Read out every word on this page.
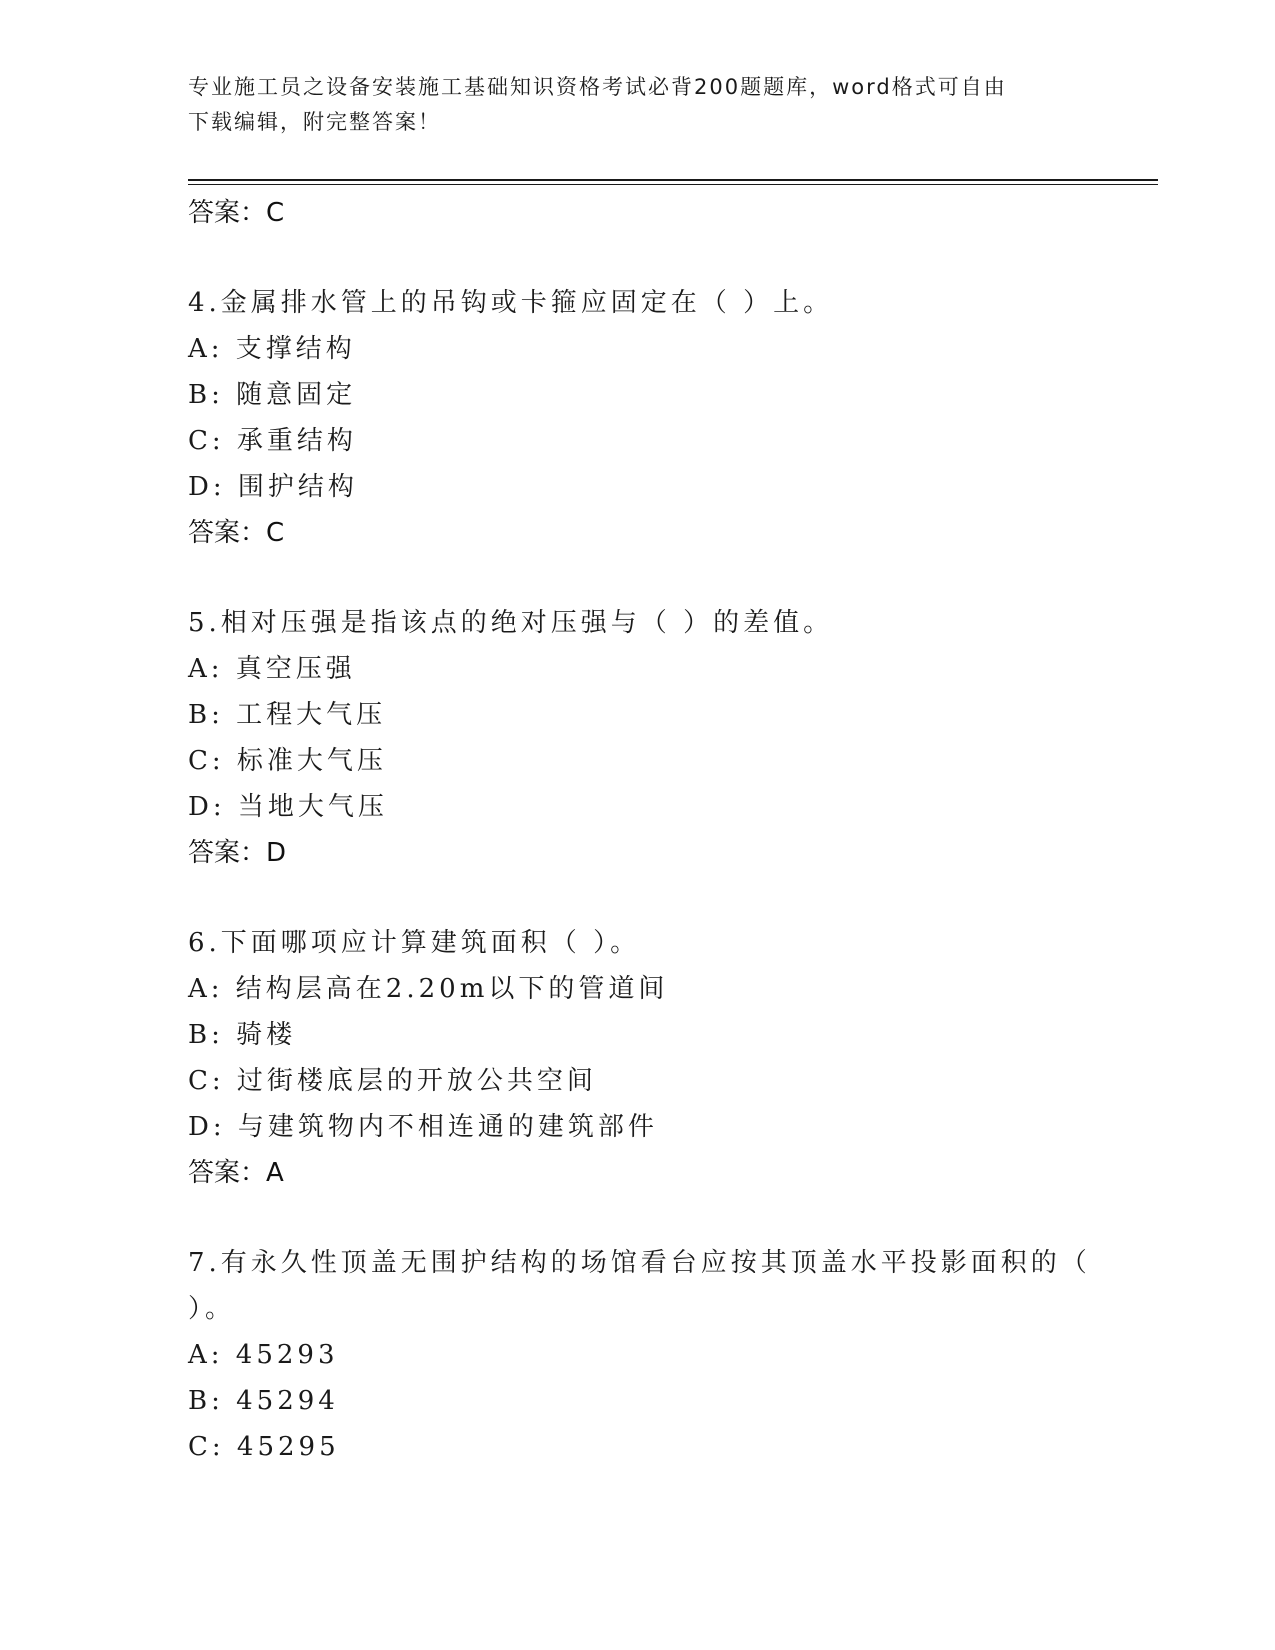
专业施工员之设备安装施工基础知识资格考试必背200题题库，word格式可自由
下载编辑，附完整答案！
答案：C
4.金属排水管上的吊钩或卡箍应固定在（ ）上。
A: 支撑结构
B: 随意固定
C: 承重结构
D: 围护结构
答案：C
5.相对压强是指该点的绝对压强与（ ）的差值。
A: 真空压强
B: 工程大气压
C: 标准大气压
D: 当地大气压
答案：D
6.下面哪项应计算建筑面积（ ）。
A: 结构层高在2.20m以下的管道间
B: 骑楼
C: 过街楼底层的开放公共空间
D: 与建筑物内不相连通的建筑部件
答案：A
7.有永久性顶盖无围护结构的场馆看台应按其顶盖水平投影面积的（
）。
A: 45293
B: 45294
C: 45295
